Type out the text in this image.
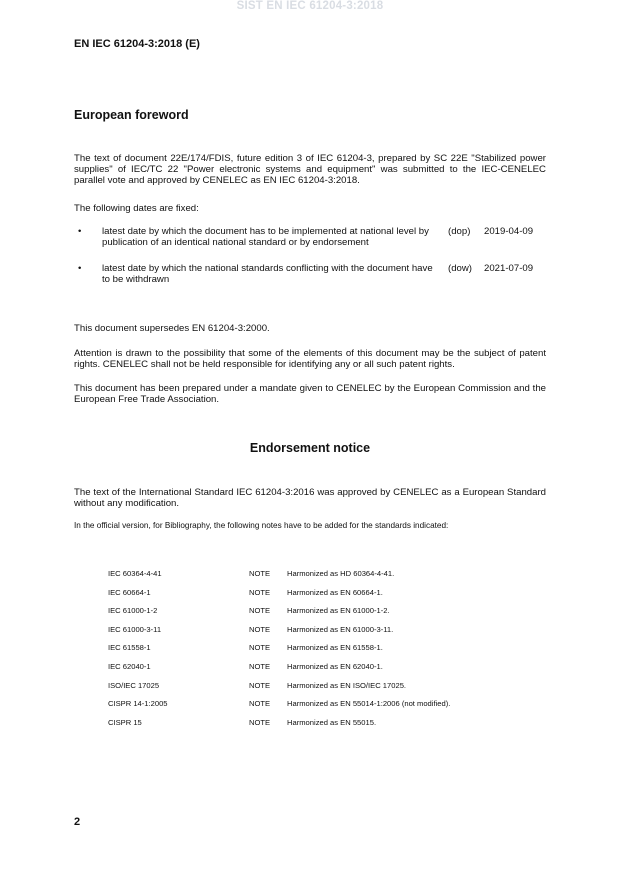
SIST EN IEC 61204-3:2018
EN IEC 61204-3:2018 (E)
European foreword
The text of document 22E/174/FDIS, future edition 3 of IEC 61204-3, prepared by SC 22E "Stabilized power supplies" of IEC/TC 22 "Power electronic systems and equipment" was submitted to the IEC-CENELEC parallel vote and approved by CENELEC as EN IEC 61204-3:2018.
The following dates are fixed:
• latest date by which the document has to be implemented at national level by publication of an identical national standard or by endorsement
(dop) 2019-04-09
• latest date by which the national standards conflicting with the document have to be withdrawn
(dow) 2021-07-09
This document supersedes EN 61204-3:2000.
Attention is drawn to the possibility that some of the elements of this document may be the subject of patent rights. CENELEC shall not be held responsible for identifying any or all such patent rights.
This document has been prepared under a mandate given to CENELEC by the European Commission and the European Free Trade Association.
Endorsement notice
The text of the International Standard IEC 61204-3:2016 was approved by CENELEC as a European Standard without any modification.
In the official version, for Bibliography, the following notes have to be added for the standards indicated:
IEC 60364-4-41	NOTE Harmonized as HD 60364-4-41.
IEC 60664-1	NOTE Harmonized as EN 60664-1.
IEC 61000-1-2	NOTE Harmonized as EN 61000-1-2.
IEC 61000-3-11	NOTE Harmonized as EN 61000-3-11.
IEC 61558-1	NOTE Harmonized as EN 61558-1.
IEC 62040-1	NOTE Harmonized as EN 62040-1.
ISO/IEC 17025	NOTE Harmonized as EN ISO/IEC 17025.
CISPR 14-1:2005	NOTE Harmonized as EN 55014-1:2006 (not modified).
CISPR 15	NOTE Harmonized as EN 55015.
2
